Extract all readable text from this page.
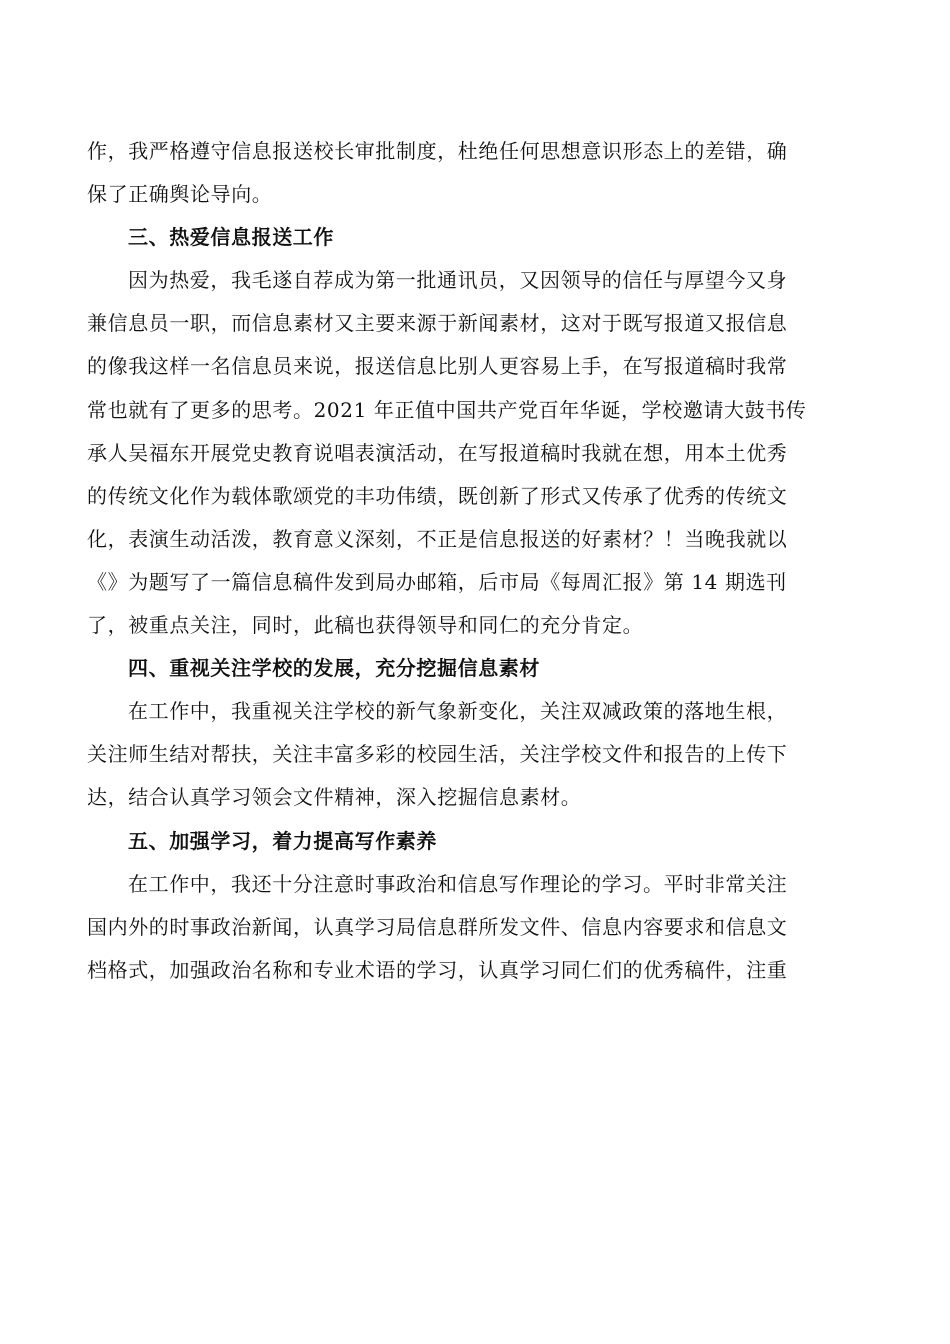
作，我严格遵守信息报送校长审批制度，杜绝任何思想意识形态上的差错，确
保了正确舆论导向。

三、热爱信息报送工作

因为热爱，我毛遂自荐成为第一批通讯员，又因领导的信任与厚望今又身
兼信息员一职，而信息素材又主要来源于新闻素材，这对于既写报道又报信息
的像我这样一名信息员来说，报送信息比别人更容易上手，在写报道稿时我常
常也就有了更多的思考。2021 年正值中国共产党百年华诞，学校邀请大鼓书传
承人吴福东开展党史教育说唱表演活动，在写报道稿时我就在想，用本土优秀
的传统文化作为载体歌颂党的丰功伟绩，既创新了形式又传承了优秀的传统文
化，表演生动活泼，教育意义深刻，不正是信息报送的好素材？！当晚我就以
《》为题写了一篇信息稿件发到局办邮箱，后市局《每周汇报》第 14 期选刊
了，被重点关注，同时，此稿也获得领导和同仁的充分肯定。

四、重视关注学校的发展，充分挖掘信息素材

在工作中，我重视关注学校的新气象新变化，关注双减政策的落地生根，
关注师生结对帮扶，关注丰富多彩的校园生活，关注学校文件和报告的上传下
达，结合认真学习领会文件精神，深入挖掘信息素材。

五、加强学习，着力提高写作素养

在工作中，我还十分注意时事政治和信息写作理论的学习。平时非常关注
国内外的时事政治新闻，认真学习局信息群所发文件、信息内容要求和信息文
档格式，加强政治名称和专业术语的学习，认真学习同仁们的优秀稿件，注重
